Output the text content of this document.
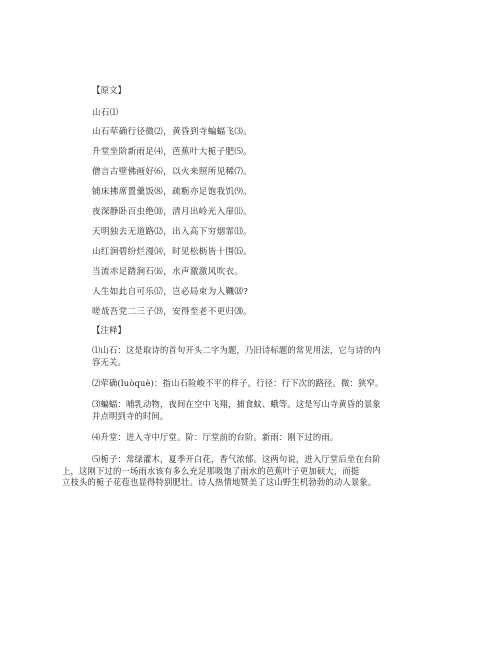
【原文】
山石⑴
山石荦确行径微⑵，黄昏到寺蝙蝠飞⑶。
升堂坐阶新雨足⑷，芭蕉叶大栀子肥⑸。
僧言古壁佛画好⑹，以火来照所见稀⑺。
铺床拂席置羹饭⑻，疏粝亦足饱我饥⑼。
夜深静卧百虫绝⑽，清月出岭光入扉⑾。
天明独去无道路⑿，出入高下穷烟霏⒀。
山红涧碧纷烂漫⒁，时见松枥皆十围⒂。
当流赤足踏涧石⒃，水声激激风吹衣。
人生如此自可乐⒄，岂必局束为人鞿⒅?
嗟哉吾党二三子⒆，安得至老不更归⒇。
【注释】
⑴山石：这是取诗的首句开头二字为题，乃旧诗标题的常见用法，它与诗的内
容无关。
⑵荦确(luòquè)：指山石险峻不平的样子。行径：行下次的路径。微：狭窄。
⑶蝙蝠：哺乳动物，夜间在空中飞翔，捕食蚊、蛾等。这是写山寺黄昏的景象
并点明到寺的时间。
⑷升堂：进入寺中厅堂。阶：厅堂前的台阶。新雨：刚下过的雨。
⑸栀子：常绿灌木，夏季开白花，香气浓郁。这两句说，进入厅堂后坐在台阶
上，这刚下过的一场雨水该有多么充足那吸饱了雨水的芭蕉叶子更加硕大，而挺
立枝头的栀子花苞也显得特别肥壮。诗人热情地赞美了这山野生机勃勃的动人景象。
